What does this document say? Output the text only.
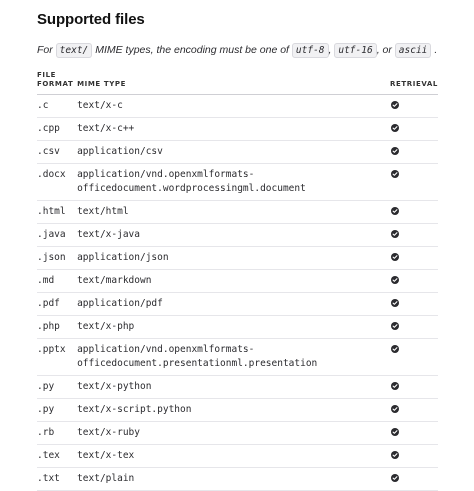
Supported files

For text/ MIME types, the encoding must be one of utf-8 , utf-16 , or ascii .

FILE
FORMAT	MIME TYPE	RETRIEVAL
.c	text/x-c	

.cpp	text/x-c++	

.csv	application/csv	

.docx	application/vnd.openxmlformats-
officedocument.wordprocessingml.document	

.html	text/html	

.java	text/x-java	

.json	application/json	

.md	text/markdown	

.pdf	application/pdf	

.php	text/x-php	

.pptx	application/vnd.openxmlformats-
officedocument.presentationml.presentation	

.py	text/x-python	

.py	text/x-script.python	

.rb	text/x-ruby	

.tex	text/x-tex	

.txt	text/plain	
